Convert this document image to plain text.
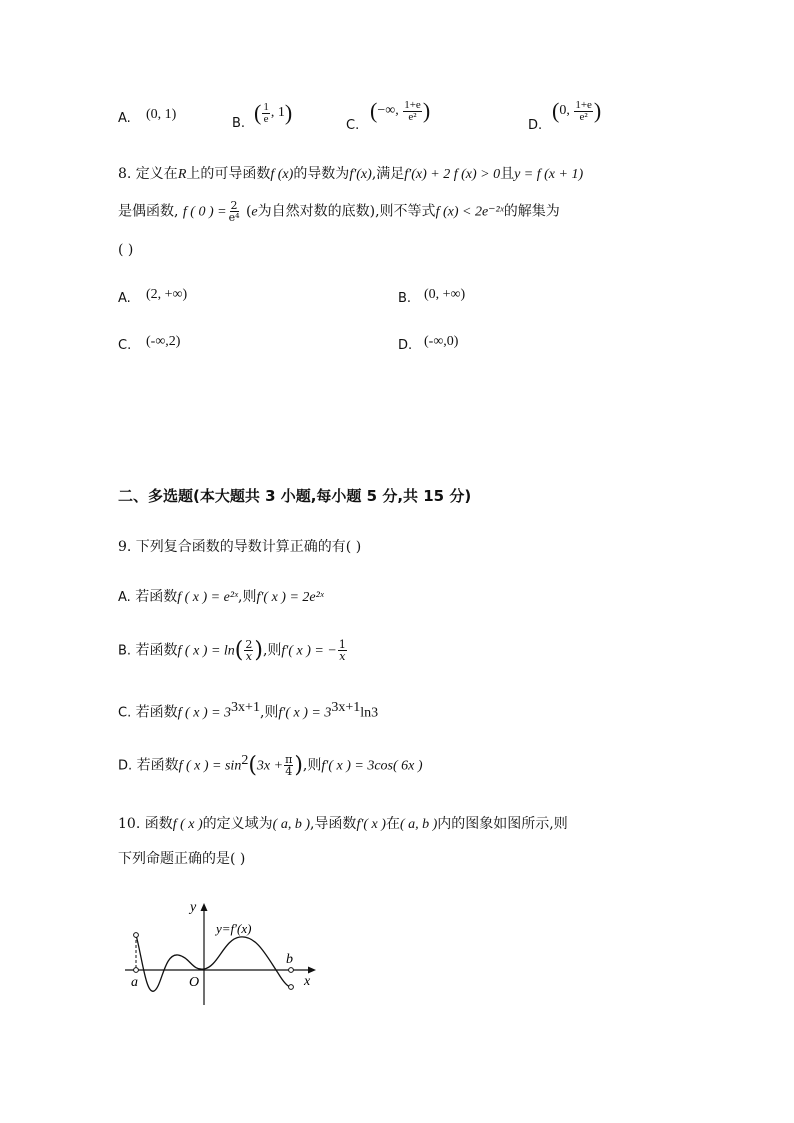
A. (0, 1)
B. ( $\frac{1}{e}$ , 1)
C.
(−∞, $\frac{1+e}{\text{e²}}$ )
D.
(0, $\frac{1+e}{\text{e²}}$ )
8. 定义在R上的可导函数f (x)的导数为f′(x),满足f′(x) + 2 f (x) > 0且y = f (x + 1)
是偶函数, f ( 0 ) = $\frac{2}{\text{e⁴}} (e$为自然对数的底数),则不等式f (x) < 2e⁻²ˣ的解集为
( )
A. (2, +∞)	B. (0, +∞)
C. (-∞,2)	D. (-∞,0)
二、多选题(本大题共 3 小题,每小题 5 分,共 15 分)
9. 下列复合函数的导数计算正确的有( )
A. 若函数f ( x ) = e²ˣ,则f′( x ) = 2e²ˣ
B. 若函数f ( x ) = $\ln( \frac{2}{x}$ ),则f′( x ) = − $\frac{1}{x}$
C. 若函数f ( x ) = $3^{3x+1}$,则f′( x ) = $3^{3x+1}\ln 3$
D. 若函数f ( x ) = $\sin^2(3x + \frac{\pi}{4}$ ),则f′( x ) = 3cos( 6x )
10. 函数f ( x )的定义域为( a, b ),导函数f′( x )在( a, b )内的图象如图所示,则
下列命题正确的是( )
y
x
y=f′(x)
a
b
O
